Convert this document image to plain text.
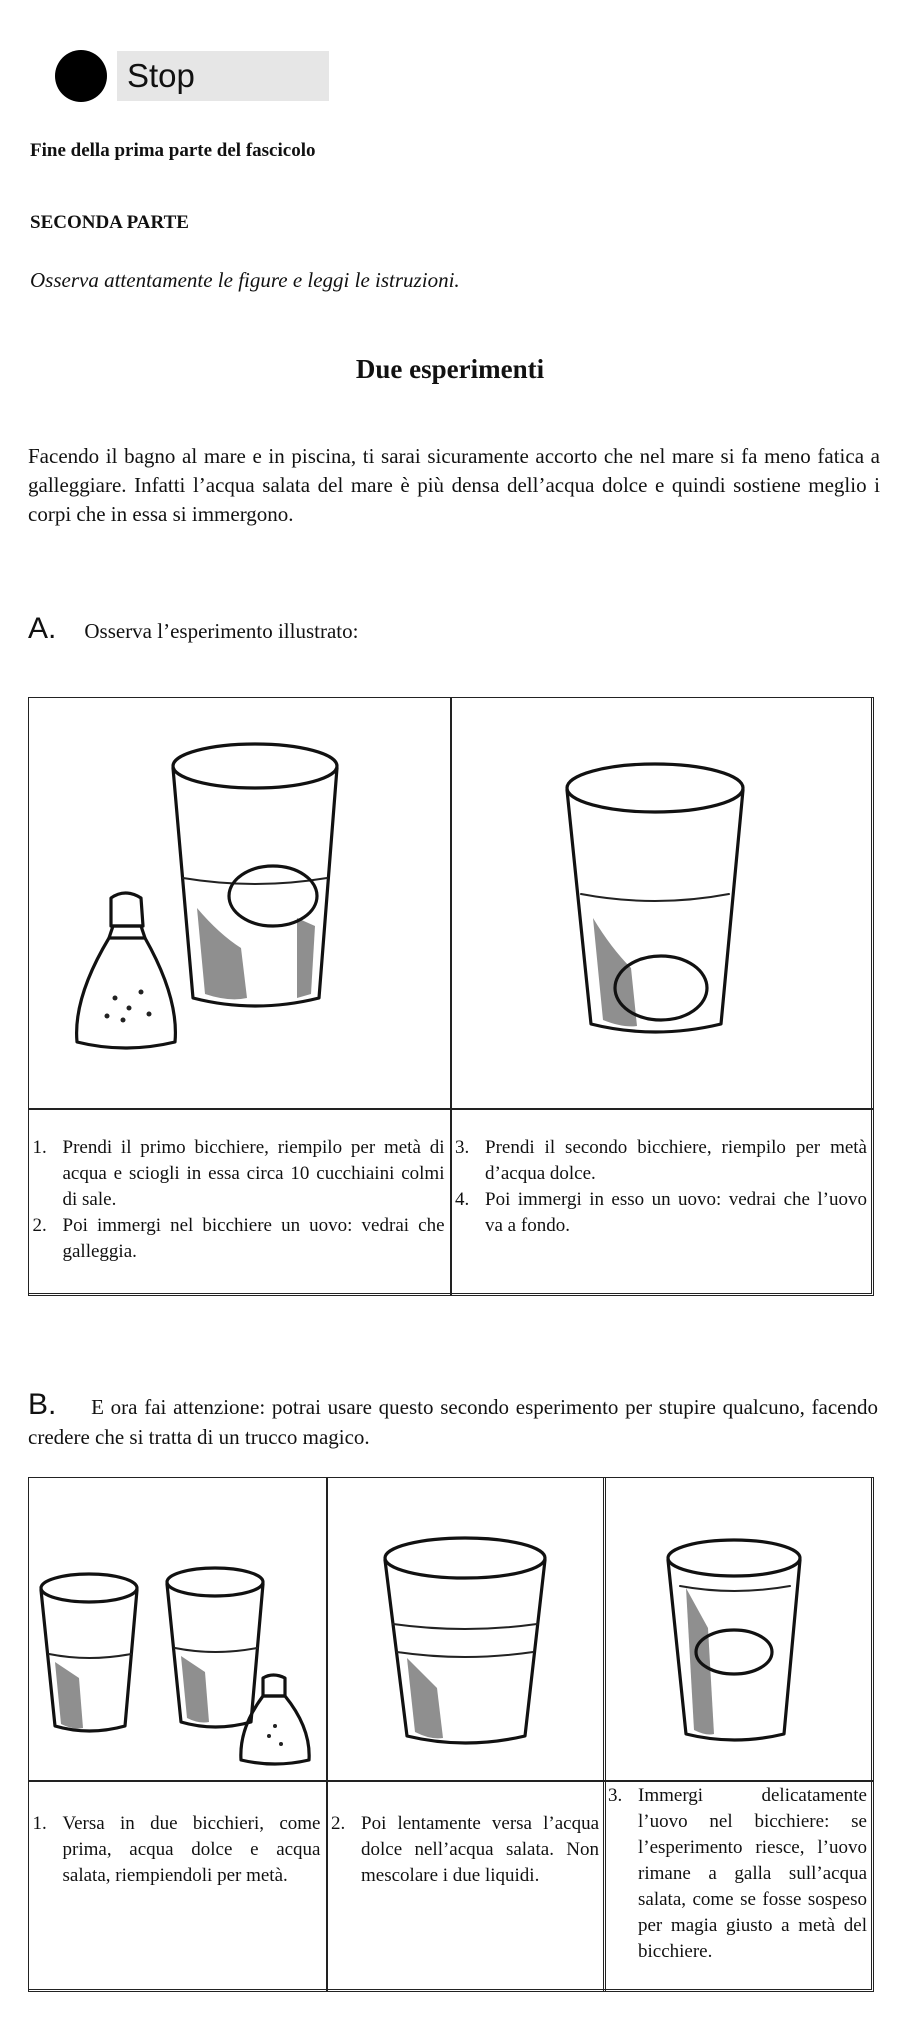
Stop
Fine della prima parte del fascicolo
SECONDA PARTE
Osserva attentamente le figure e leggi le istruzioni.
Due esperimenti
Facendo il bagno al mare e in piscina, ti sarai sicuramente accorto che nel mare si fa meno fatica a galleggiare. Infatti l’acqua salata del mare è più densa dell’acqua dolce e quindi sostiene meglio i corpi che in essa si immergono.
A. Osserva l’esperimento illustrato:
1. Prendi il primo bicchiere, riempilo per metà di acqua e sciogli in essa circa 10 cucchiaini colmi di sale.
2. Poi immergi nel bicchiere un uovo: vedrai che galleggia.
3. Prendi il secondo bicchiere, riempilo per metà d’acqua dolce.
4. Poi immergi in esso un uovo: vedrai che l’uovo va a fondo.
B. E ora fai attenzione: potrai usare questo secondo esperimento per stupire qualcuno, facendo credere che si tratta di un trucco magico.
1. Versa in due bicchieri, come prima, acqua dolce e acqua salata, riempiendoli per metà.
2. Poi lentamente versa l’acqua dolce nell’acqua salata. Non mescolare i due liquidi.
3. Immergi delicatamente l’uovo nel bicchiere: se l’esperimento riesce, l’uovo rimane a galla sull’acqua salata, come se fosse sospeso per magia giusto a metà del bicchiere.
